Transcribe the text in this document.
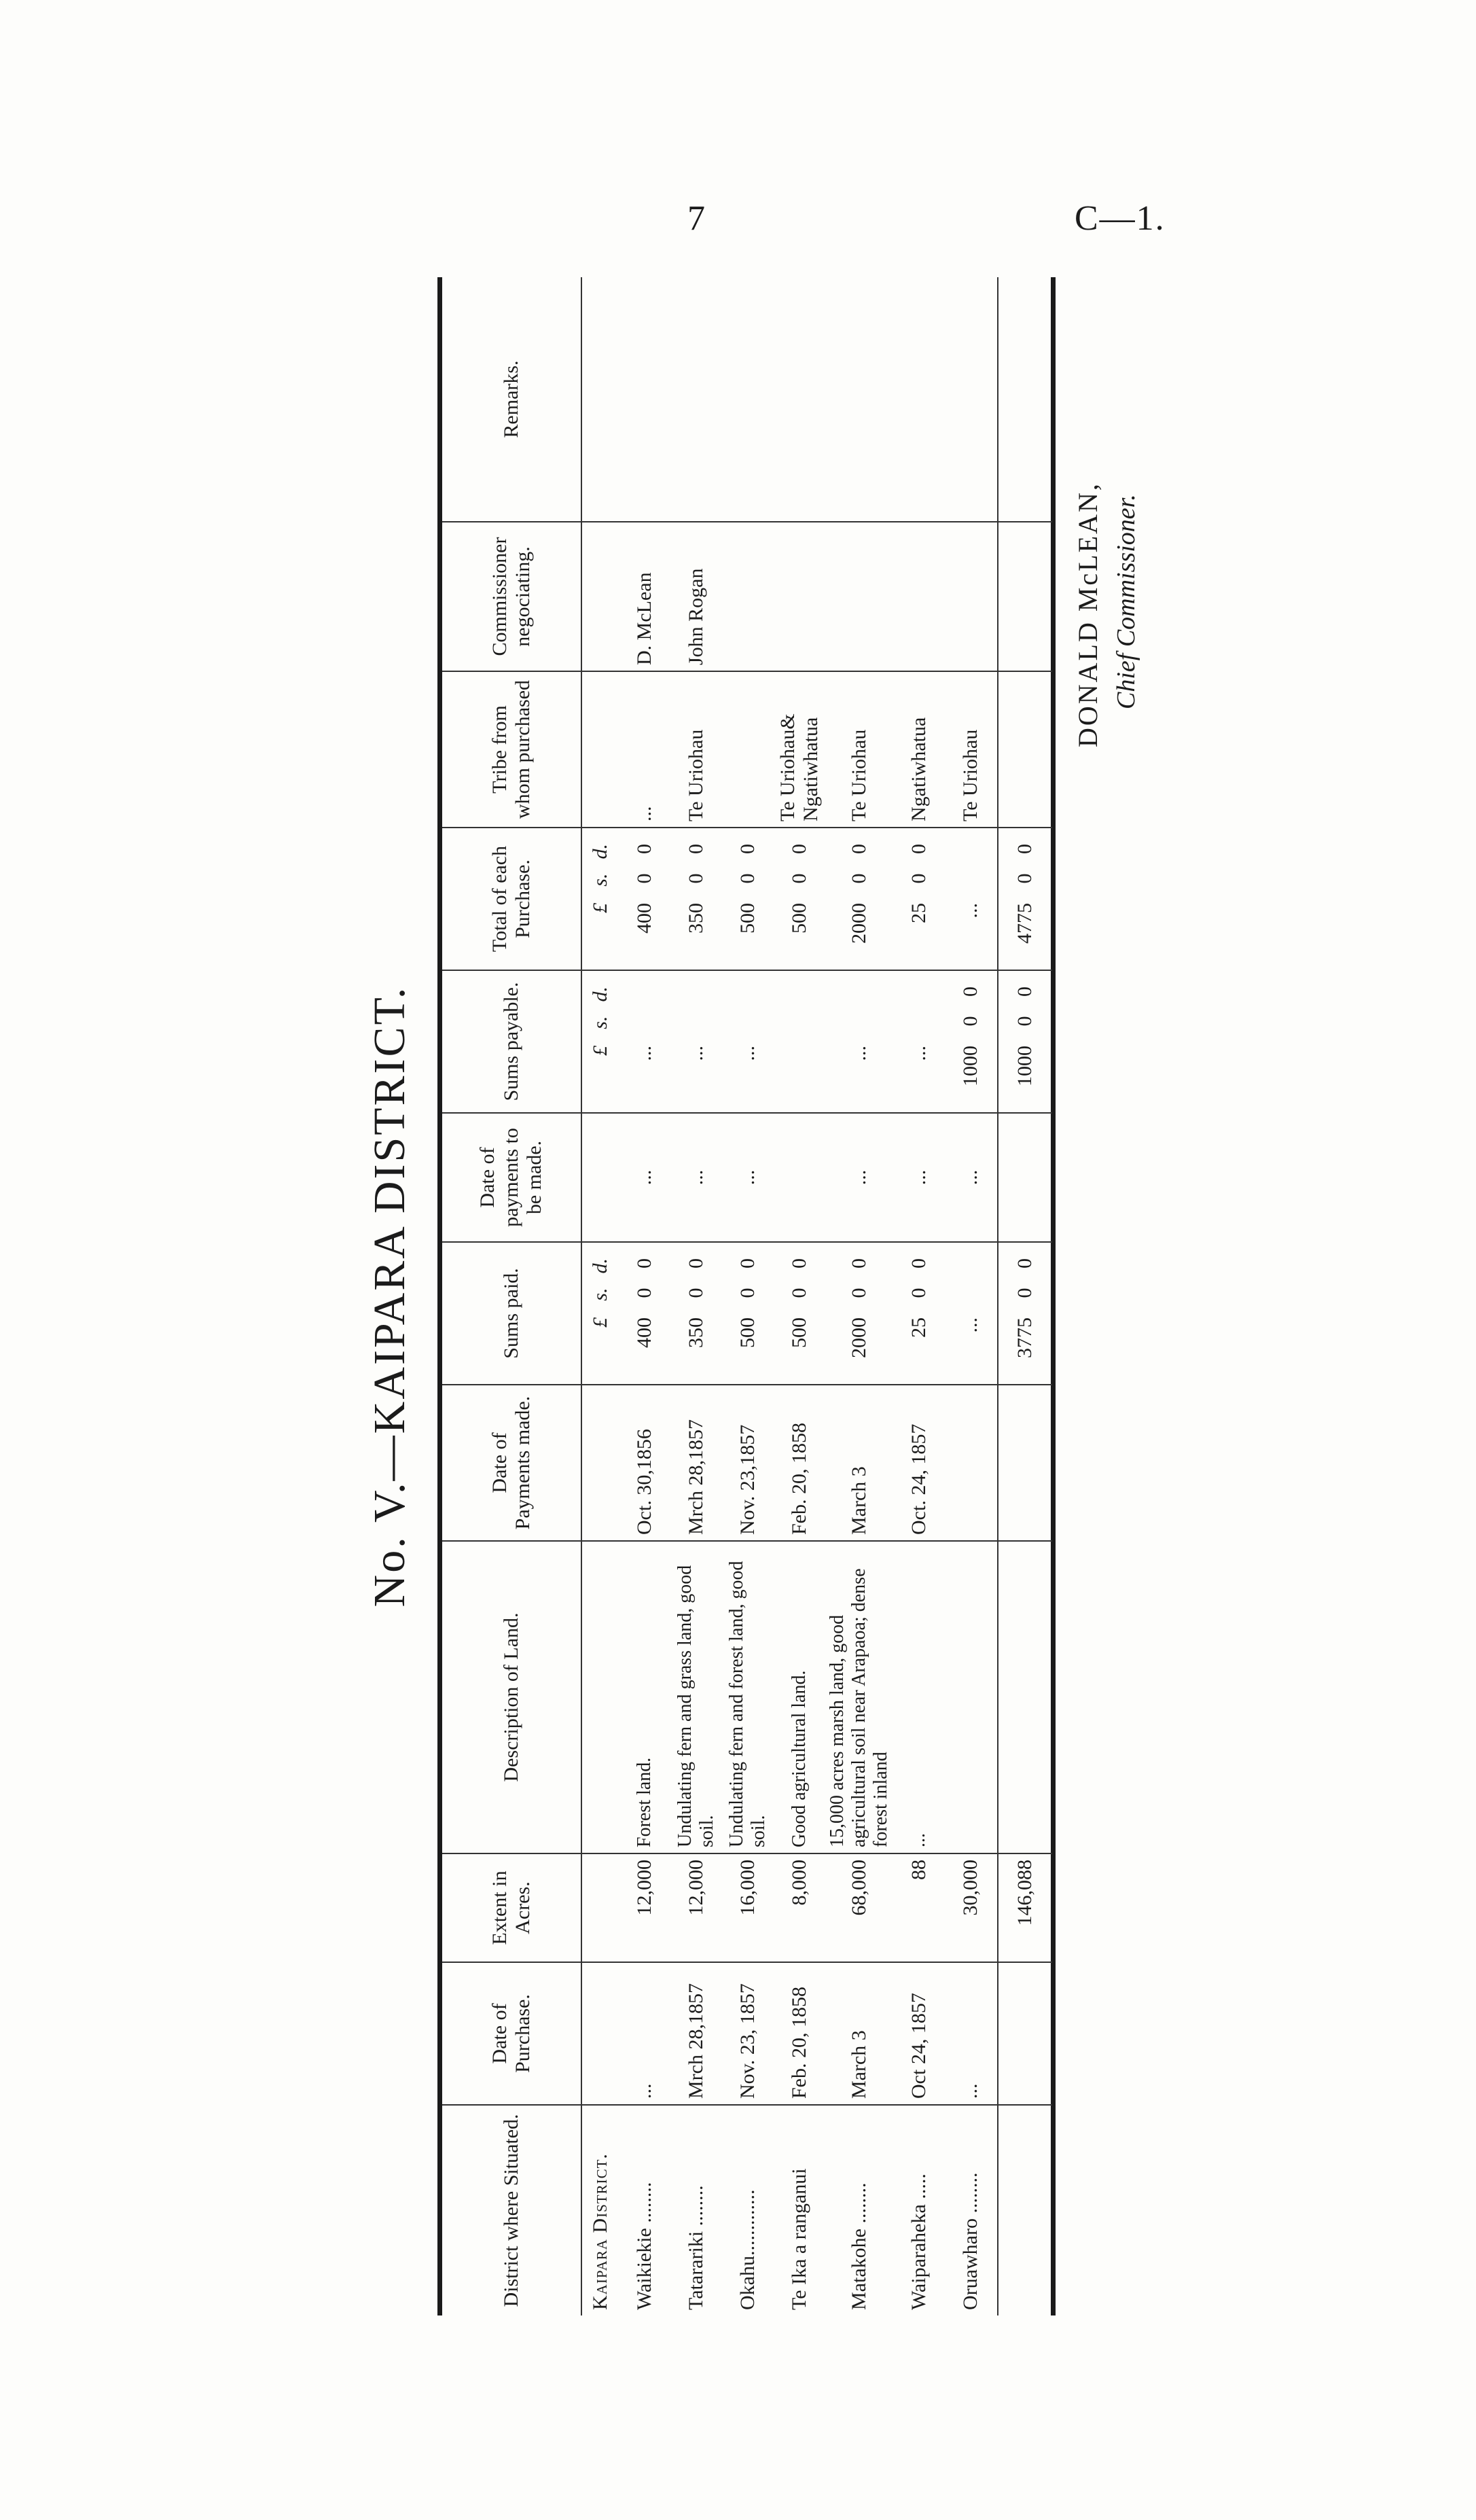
7	C—1.
No. V.—KAIPARA DISTRICT.
District where Situated.	Date of Purchase.	Extent in Acres.	Description of Land.	Date of Payments made.	Sums paid.	Date of payments to be made.	Sums payable.	Total of each Purchase.	Tribe from whom purchased	Commissioner negociating.	Remarks.
Kaipara District.					£ s. d.		£ s. d.	£ s. d.			
Waikiekie ........	...	12,000	Forest land.	Oct. 30,1856	400 0 0	...	...	400 0 0	...	D. McLean	
Tatarariki ........	Mrch 28,1857	12,000	Undulating fern and grass land, good soil.	Mrch 28,1857	350 0 0	...	...	350 0 0	Te Uriohau	John Rogan	
Okahu.............	Nov. 23, 1857	16,000	Undulating fern and forest land, good soil.	Nov. 23,1857	500 0 0	...	...	500 0 0			
Te Ika a ranganui	Feb. 20, 1858	8,000	Good agricultural land.	Feb. 20, 1858	500 0 0			500 0 0	Te Uriohau& Ngatiwhatua		
Matakohe ........	March 3	68,000	15,000 acres marsh land, good agricultural soil near Arapaoa; dense forest inland	March 3	2000 0 0	...	...	2000 0 0	Te Uriohau		
Waiparaheka .....	Oct 24, 1857	88	...	Oct. 24, 1857	25 0 0	...	...	25 0 0	Ngatiwhatua		
Oruawharo ........	...	30,000			...	...	1000 0 0	...	Te Uriohau		
		146,088			3775 0 0		1000 0 0	4775 0 0			
DONALD McLEAN, Chief Commissioner.
